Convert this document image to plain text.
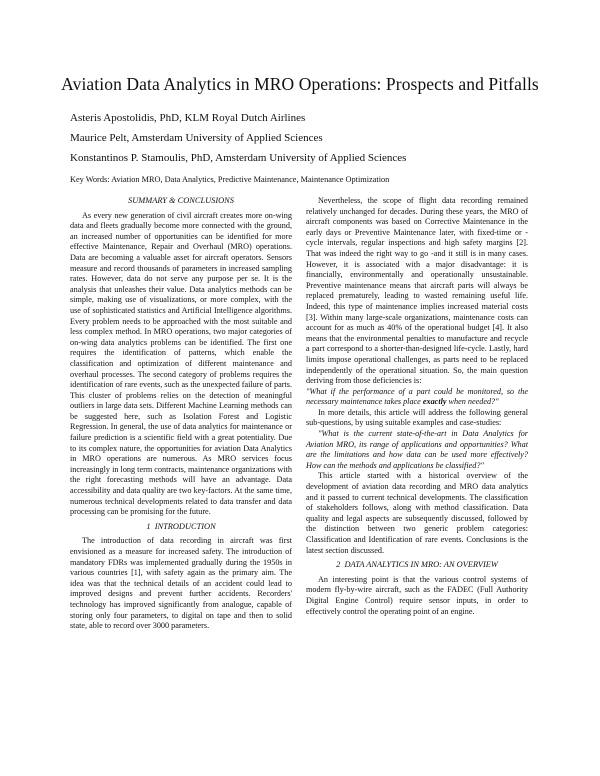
Aviation Data Analytics in MRO Operations: Prospects and Pitfalls
Asteris Apostolidis, PhD, KLM Royal Dutch Airlines
Maurice Pelt, Amsterdam University of Applied Sciences
Konstantinos P. Stamoulis, PhD, Amsterdam University of Applied Sciences
Key Words: Aviation MRO, Data Analytics, Predictive Maintenance, Maintenance Optimization
SUMMARY & CONCLUSIONS

As every new generation of civil aircraft creates more on-wing data and fleets gradually become more connected with the ground, an increased number of opportunities can be identified for more effective Maintenance, Repair and Overhaul (MRO) operations. Data are becoming a valuable asset for aircraft operators. Sensors measure and record thousands of parameters in increased sampling rates. However, data do not serve any purpose per se. It is the analysis that unleashes their value. Data analytics methods can be simple, making use of visualizations, or more complex, with the use of sophisticated statistics and Artificial Intelligence algorithms. Every problem needs to be approached with the most suitable and less complex method. In MRO operations, two major categories of on-wing data analytics problems can be identified. The first one requires the identification of patterns, which enable the classification and optimization of different maintenance and overhaul processes. The second category of problems requires the identification of rare events, such as the unexpected failure of parts. This cluster of problems relies on the detection of meaningful outliers in large data sets. Different Machine Learning methods can be suggested here, such as Isolation Forest and Logistic Regression. In general, the use of data analytics for maintenance or failure prediction is a scientific field with a great potentiality. Due to its complex nature, the opportunities for aviation Data Analytics in MRO operations are numerous. As MRO services focus increasingly in long term contracts, maintenance organizations with the right forecasting methods will have an advantage. Data accessibility and data quality are two key-factors. At the same time, numerous technical developments related to data transfer and data processing can be promising for the future.

1 INTRODUCTION

The introduction of data recording in aircraft was first envisioned as a measure for increased safety. The introduction of mandatory FDRs was implemented gradually during the 1950s in various countries [1], with safety again as the primary aim. The idea was that the technical details of an accident could lead to improved designs and prevent further accidents. Recorders' technology has improved significantly from analogue, capable of storing only four parameters, to digital on tape and then to solid state, able to record over 3000 parameters.

Nevertheless, the scope of flight data recording remained relatively unchanged for decades. During these years, the MRO of aircraft components was based on Corrective Maintenance in the early days or Preventive Maintenance later, with fixed-time or -cycle intervals, regular inspections and high safety margins [2]. That was indeed the right way to go -and it still is in many cases. However, it is associated with a major disadvantage: it is financially, environmentally and operationally unsustainable. Preventive maintenance means that aircraft parts will always be replaced prematurely, leading to wasted remaining useful life. Indeed, this type of maintenance implies increased material costs [3]. Within many large-scale organizations, maintenance costs can account for as much as 40% of the operational budget [4]. It also means that the environmental penalties to manufacture and recycle a part correspond to a shorter-than-designed life-cycle. Lastly, hard limits impose operational challenges, as parts need to be replaced independently of the operational situation. So, the main question deriving from those deficiencies is:

"What if the performance of a part could be monitored, so the necessary maintenance takes place exactly when needed?"

In more details, this article will address the following general sub-questions, by using suitable examples and case-studies:

"What is the current state-of-the-art in Data Analytics for Aviation MRO, its range of applications and opportunities? What are the limitations and how data can be used more effectively? How can the methods and applications be classified?"

This article started with a historical overview of the development of aviation data recording and MRO data analytics and it passed to current technical developments. The classification of stakeholders follows, along with method classification. Data quality and legal aspects are subsequently discussed, followed by the distinction between two generic problem categories: Classification and Identification of rare events. Conclusions is the latest section discussed.

2 DATA ANALYTICS IN MRO: AN OVERVIEW

An interesting point is that the various control systems of modern fly-by-wire aircraft, such as the FADEC (Full Authority Digital Engine Control) require sensor inputs, in order to effectively control the operating point of an engine.
